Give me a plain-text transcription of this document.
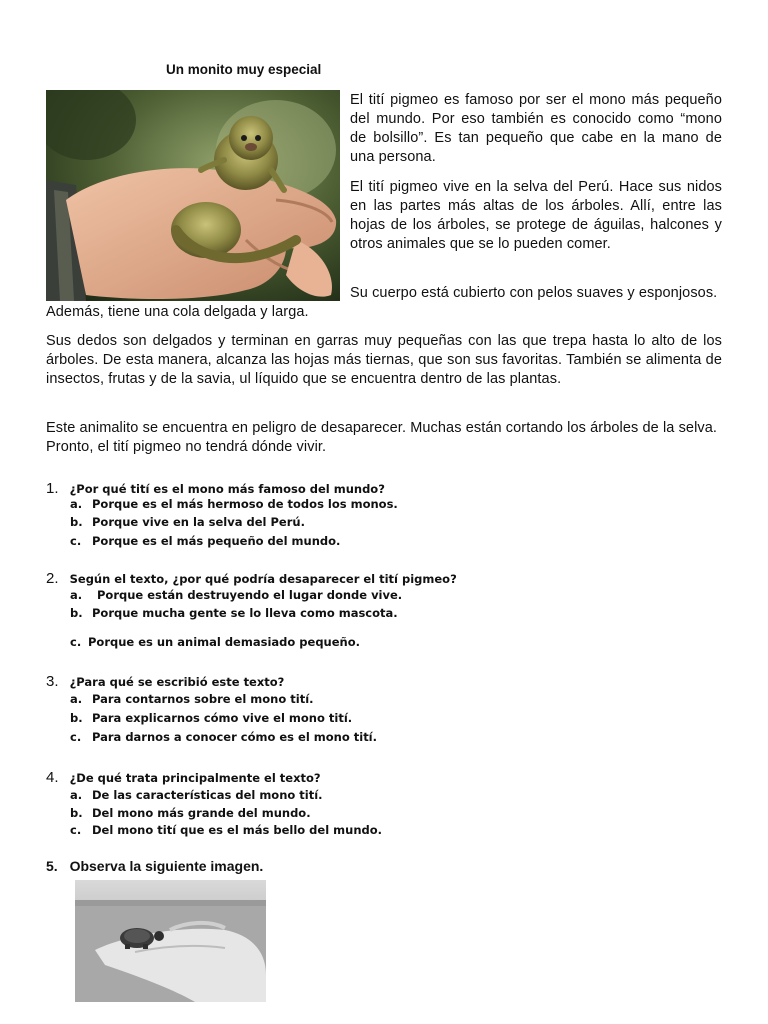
Un monito muy especial
El tití pigmeo es famoso por ser el mono más pequeño del mundo. Por eso también es conocido como “mono de bolsillo”. Es tan pequeño que cabe en la mano de una persona.
El tití pigmeo vive en la selva del Perú. Hace sus nidos en las partes más altas de los árboles. Allí, entre las hojas de los árboles, se protege de águilas, halcones y otros animales que se lo pueden comer.
Su cuerpo está cubierto con pelos suaves y esponjosos. Además, tiene una cola delgada y larga.
Sus dedos son delgados y terminan en garras muy pequeñas con las que trepa hasta lo alto de los árboles. De esta manera, alcanza las hojas más tiernas, que son sus favoritas. También se alimenta de insectos, frutas y de la savia, ul líquido que se encuentra dentro de las plantas.
Este animalito se encuentra en peligro de desaparecer. Muchas están cortando los árboles de la selva. Pronto, el tití pigmeo no tendrá dónde vivir.
1. ¿Por qué tití es el mono más famoso del mundo?
a. Porque es el más hermoso de todos los monos.
b. Porque vive en la selva del Perú.
c. Porque es el más pequeño del mundo.
2. Según el texto, ¿por qué podría desaparecer el tití pigmeo?
a. Porque están destruyendo el lugar donde vive.
b. Porque mucha gente se lo lleva como mascota.
c. Porque es un animal demasiado pequeño.
3. ¿Para qué se escribió este texto?
a. Para contarnos sobre el mono tití.
b. Para explicarnos cómo vive el mono tití.
c. Para darnos a conocer cómo es el mono tití.
4. ¿De qué trata principalmente el texto?
a. De las características del mono tití.
b. Del mono más grande del mundo.
c. Del mono tití que es el más bello del mundo.
5. Observa la siguiente imagen.
